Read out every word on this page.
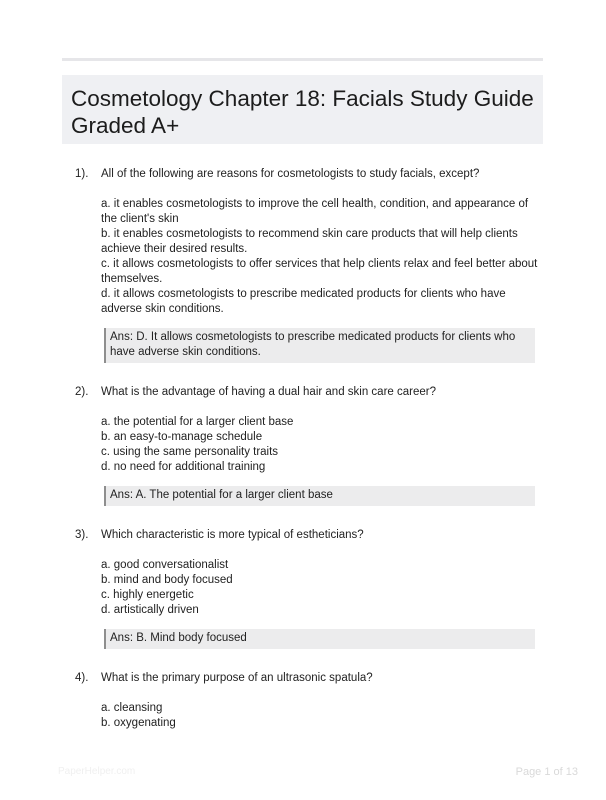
Cosmetology Chapter 18: Facials Study Guide Graded A+
1). All of the following are reasons for cosmetologists to study facials, except?
a. it enables cosmetologists to improve the cell health, condition, and appearance of the client's skin
b. it enables cosmetologists to recommend skin care products that will help clients achieve their desired results.
c. it allows cosmetologists to offer services that help clients relax and feel better about themselves.
d. it allows cosmetologists to prescribe medicated products for clients who have adverse skin conditions.
Ans: D. It allows cosmetologists to prescribe medicated products for clients who have adverse skin conditions.
2). What is the advantage of having a dual hair and skin care career?
a. the potential for a larger client base
b. an easy-to-manage schedule
c. using the same personality traits
d. no need for additional training
Ans: A. The potential for a larger client base
3). Which characteristic is more typical of estheticians?
a. good conversationalist
b. mind and body focused
c. highly energetic
d. artistically driven
Ans: B. Mind body focused
4). What is the primary purpose of an ultrasonic spatula?
a. cleansing
b. oxygenating
PaperHelper.com	Page 1 of 13
